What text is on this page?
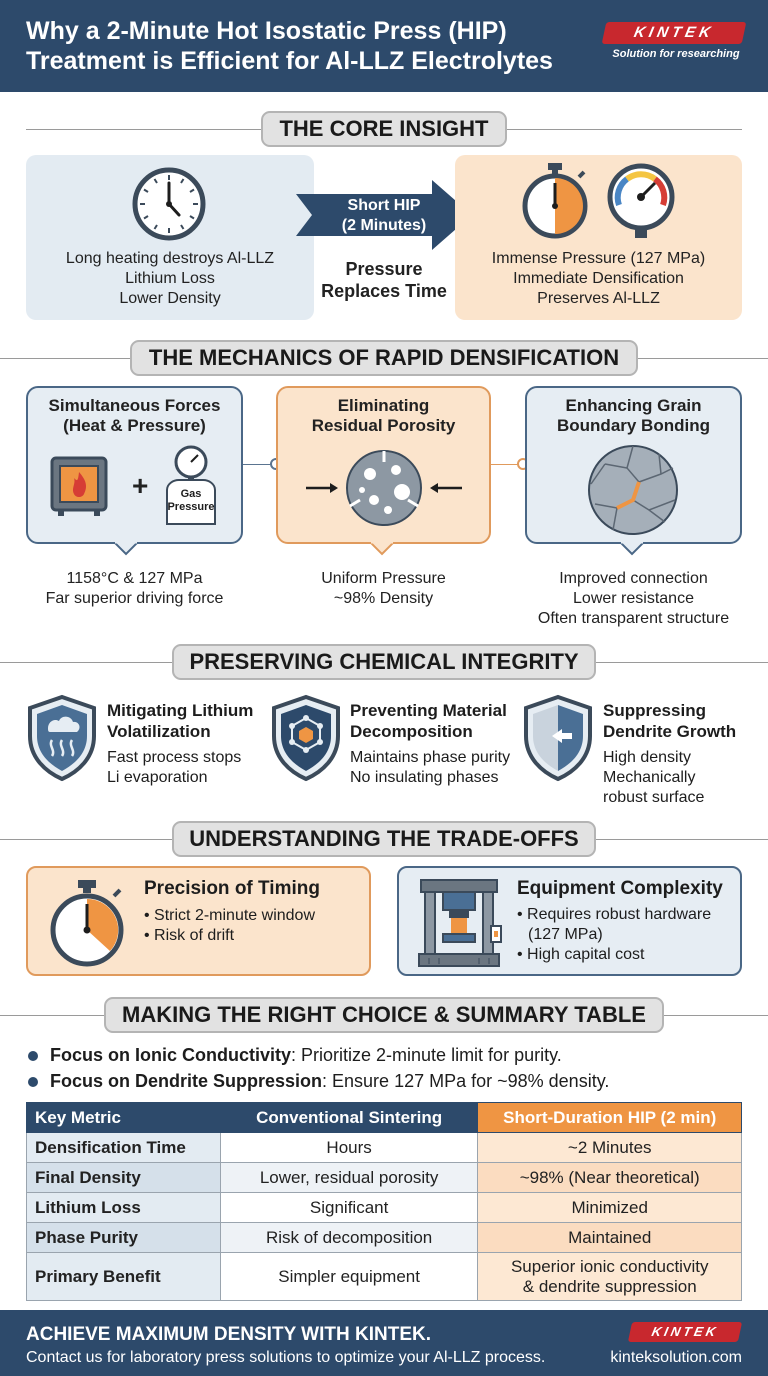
Why a 2-Minute Hot Isostatic Press (HIP) Treatment is Efficient for Al-LLZ Electrolytes
KINTEK
Solution for researching
THE CORE INSIGHT
Long heating destroys Al-LLZ
Lithium Loss
Lower Density
Short HIP
(2 Minutes)
Pressure
Replaces Time
Immense Pressure (127 MPa)
Immediate Densification
Preserves Al-LLZ
THE MECHANICS OF RAPID DENSIFICATION
Simultaneous Forces
(Heat & Pressure)
+	Gas
Pressure
1158°C & 127 MPa
Far superior driving force
Eliminating
Residual Porosity
Uniform Pressure
~98% Density
Enhancing Grain
Boundary Bonding
Improved connection
Lower resistance
Often transparent structure
PRESERVING CHEMICAL INTEGRITY
Mitigating Lithium
Volatilization
Fast process stops
Li evaporation
Preventing Material
Decomposition
Maintains phase purity
No insulating phases
Suppressing
Dendrite Growth
High density
Mechanically
robust surface
UNDERSTANDING THE TRADE-OFFS
Precision of Timing
• Strict 2-minute window
• Risk of drift
Equipment Complexity
• Requires robust hardware
(127 MPa)
• High capital cost
MAKING THE RIGHT CHOICE & SUMMARY TABLE
Focus on Ionic Conductivity: Prioritize 2-minute limit for purity.
Focus on Dendrite Suppression: Ensure 127 MPa for ~98% density.
Key Metric	Conventional Sintering	Short-Duration HIP (2 min)
Densification Time	Hours	~2 Minutes
Final Density	Lower, residual porosity	~98% (Near theoretical)
Lithium Loss	Significant	Minimized
Phase Purity	Risk of decomposition	Maintained
Primary Benefit	Simpler equipment	Superior ionic conductivity
& dendrite suppression
ACHIEVE MAXIMUM DENSITY WITH KINTEK.
Contact us for laboratory press solutions to optimize your Al-LLZ process.	kinteksolution.com
KINTEK
